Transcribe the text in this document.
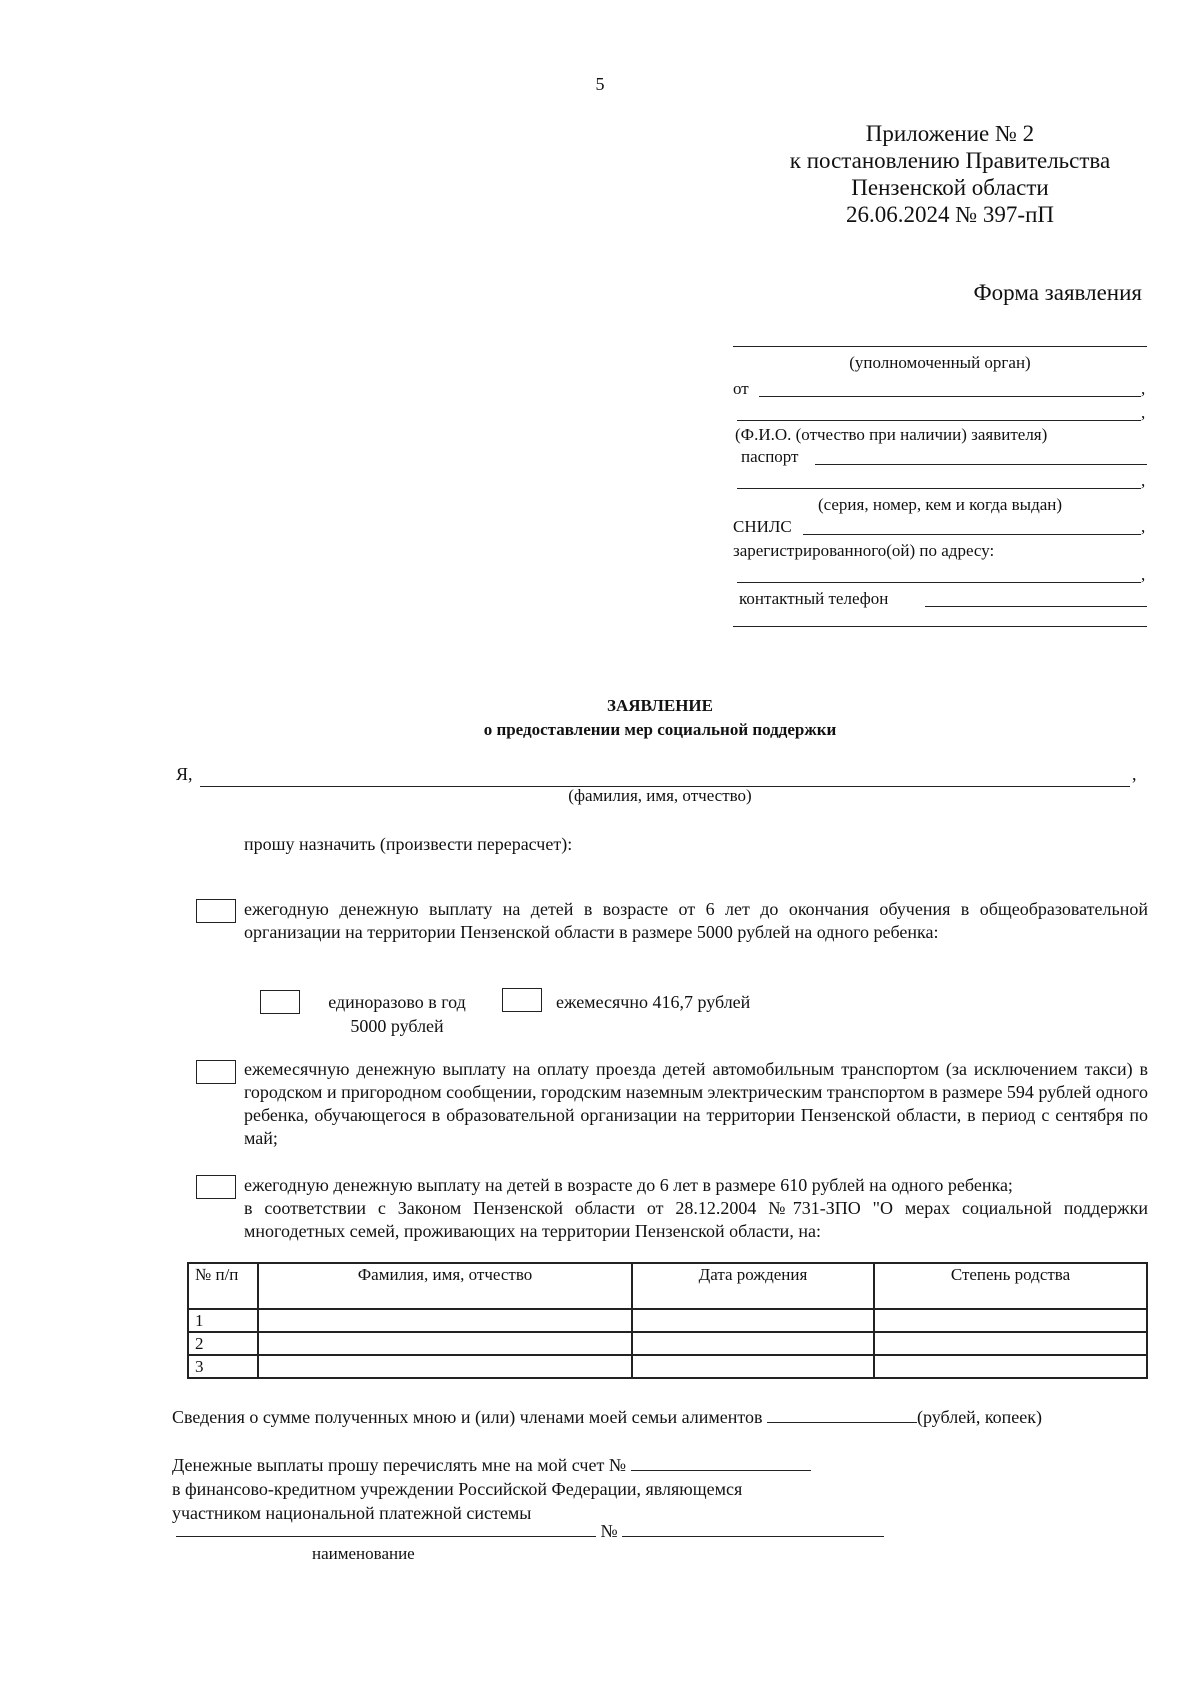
5
Приложение № 2
к постановлению Правительства
Пензенской области
26.06.2024 № 397-пП
Форма заявления
(уполномоченный орган)
от	,
,
(Ф.И.О. (отчество при наличии) заявителя)
паспорт
,
(серия, номер, кем и когда выдан)
СНИЛС	,
зарегистрированного(ой) по адресу:
,
контактный телефон
ЗАЯВЛЕНИЕ
о предоставлении мер социальной поддержки
Я,	,
(фамилия, имя, отчество)
прошу назначить (произвести перерасчет):
ежегодную денежную выплату на детей в возрасте от 6 лет до окончания обучения в общеобразовательной организации на территории Пензенской области в размере 5000 рублей на одного ребенка:
единоразово в год
5000 рублей
ежемесячно 416,7 рублей
ежемесячную денежную выплату на оплату проезда детей автомобильным транспортом (за исключением такси) в городском и пригородном сообщении, городским наземным электрическим транспортом в размере 594 рублей одного ребенка, обучающегося в образовательной организации на территории Пензенской области, в период с сентября по май;
ежегодную денежную выплату на детей в возрасте до 6 лет в размере 610 рублей на одного ребенка;
в соответствии с Законом Пензенской области от 28.12.2004 №731-ЗПО "О мерах социальной поддержки многодетных семей, проживающих на территории Пензенской области, на:
№ п/п	Фамилия, имя, отчество	Дата рождения	Степень родства
1			
2			
3			
Сведения о сумме полученных мною и (или) членами моей семьи алиментов	(рублей, копеек)
Денежные выплаты прошу перечислять мне на мой счет №
в финансово-кредитном учреждении Российской Федерации, являющемся
участником национальной платежной системы
№
наименование
